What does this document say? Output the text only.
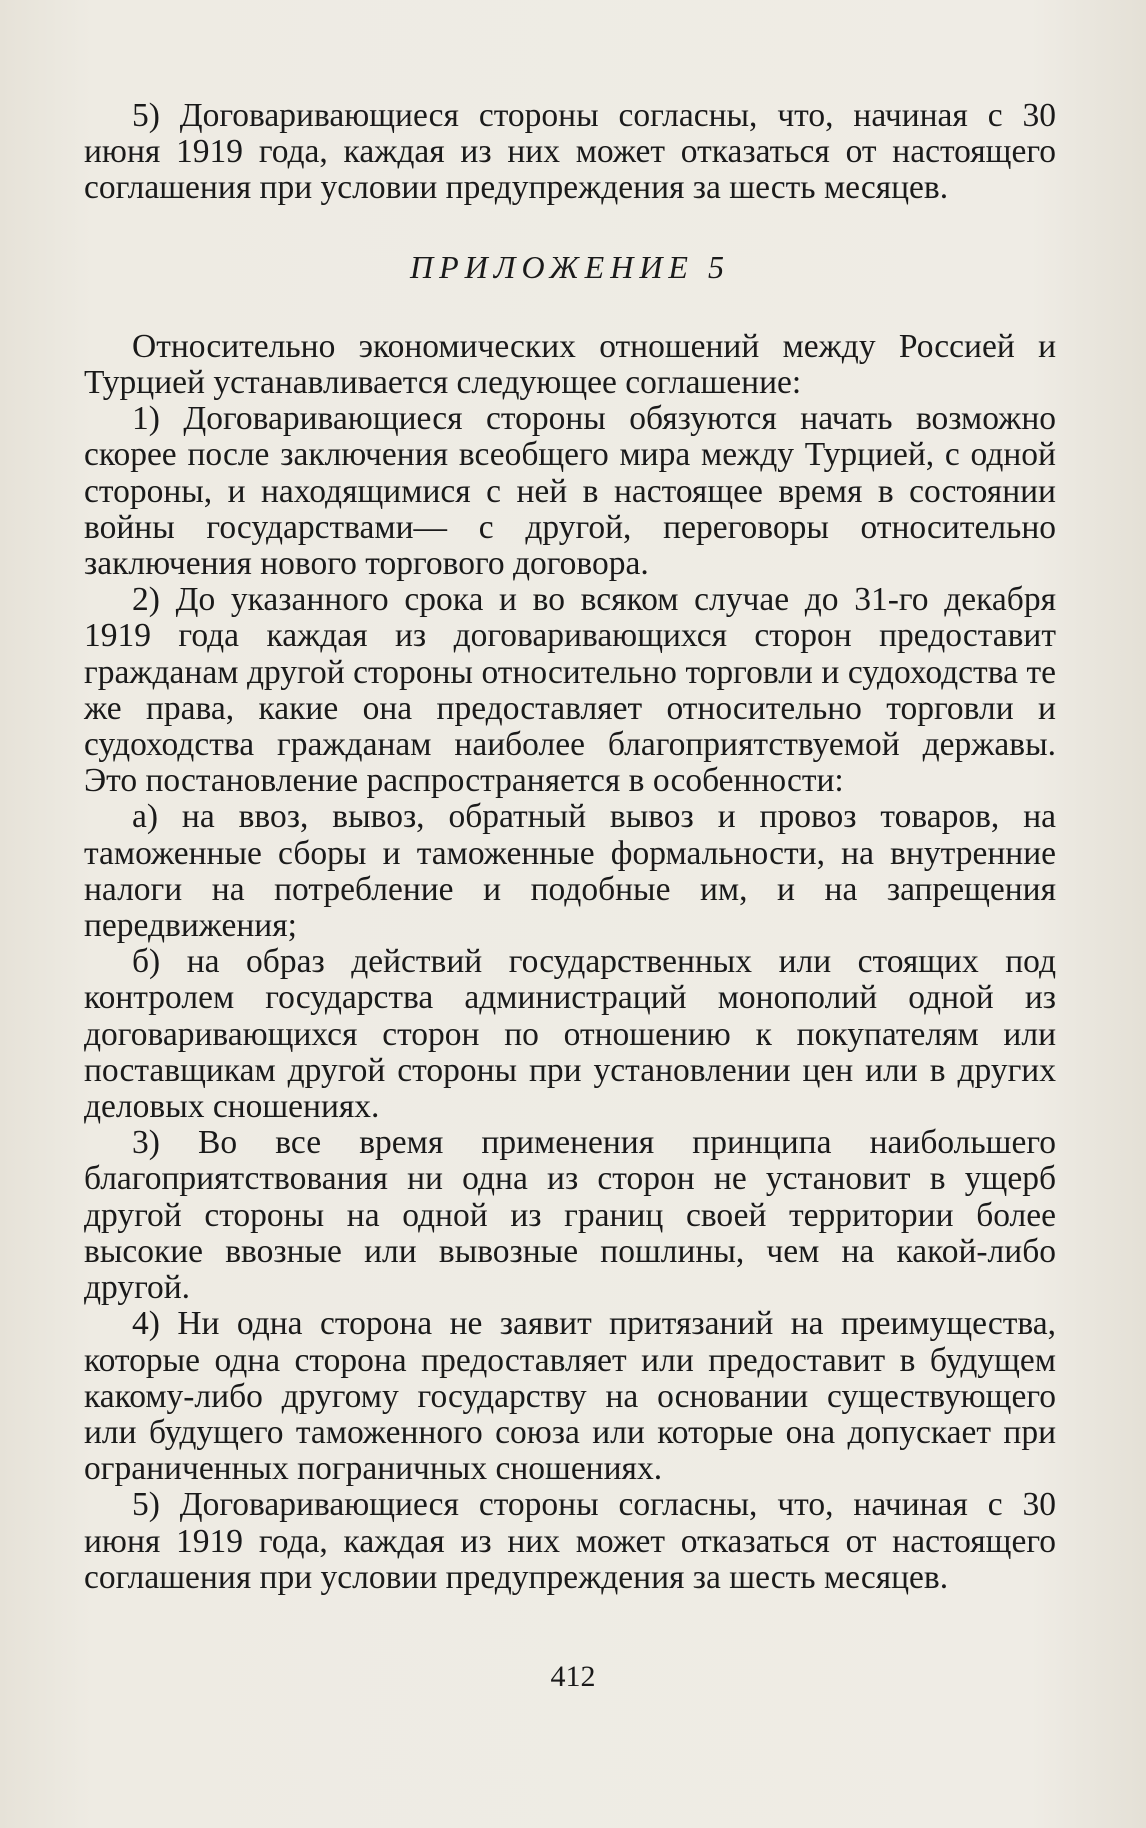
5) Договаривающиеся стороны согласны, что, начиная с 30 июня 1919 года, каждая из них может отказаться от настоящего соглашения при условии предупреждения за шесть месяцев.

ПРИЛОЖЕНИЕ 5

Относительно экономических отношений между Россией и Турцией устанавливается следующее соглашение:

1) Договаривающиеся стороны обязуются начать возможно скорее после заключения всеобщего мира между Турцией, с одной стороны, и находящимися с ней в настоящее время в состоянии войны государствами— с другой, переговоры относительно заключения нового торгового договора.

2) До указанного срока и во всяком случае до 31-го декабря 1919 года каждая из договаривающихся сторон предоставит гражданам другой стороны относительно торговли и судоходства те же права, какие она предоставляет относительно торговли и судоходства гражданам наиболее благоприятствуемой державы. Это постановление распространяется в особенности:

а) на ввоз, вывоз, обратный вывоз и провоз товаров, на таможенные сборы и таможенные формальности, на внутренние налоги на потребление и подобные им, и на запрещения передвижения;

б) на образ действий государственных или стоящих под контролем государства администраций монополий одной из договаривающихся сторон по отношению к покупателям или поставщикам другой стороны при установлении цен или в других деловых сношениях.

3) Во все время применения принципа наибольшего благоприятствования ни одна из сторон не установит в ущерб другой стороны на одной из границ своей территории более высокие ввозные или вывозные пошлины, чем на какой-либо другой.

4) Ни одна сторона не заявит притязаний на преимущества, которые одна сторона предоставляет или предоставит в будущем какому-либо другому государству на основании существующего или будущего таможенного союза или которые она допускает при ограниченных пограничных сношениях.

5) Договаривающиеся стороны согласны, что, начиная с 30 июня 1919 года, каждая из них может отказаться от настоящего соглашения при условии предупреждения за шесть месяцев.

412
